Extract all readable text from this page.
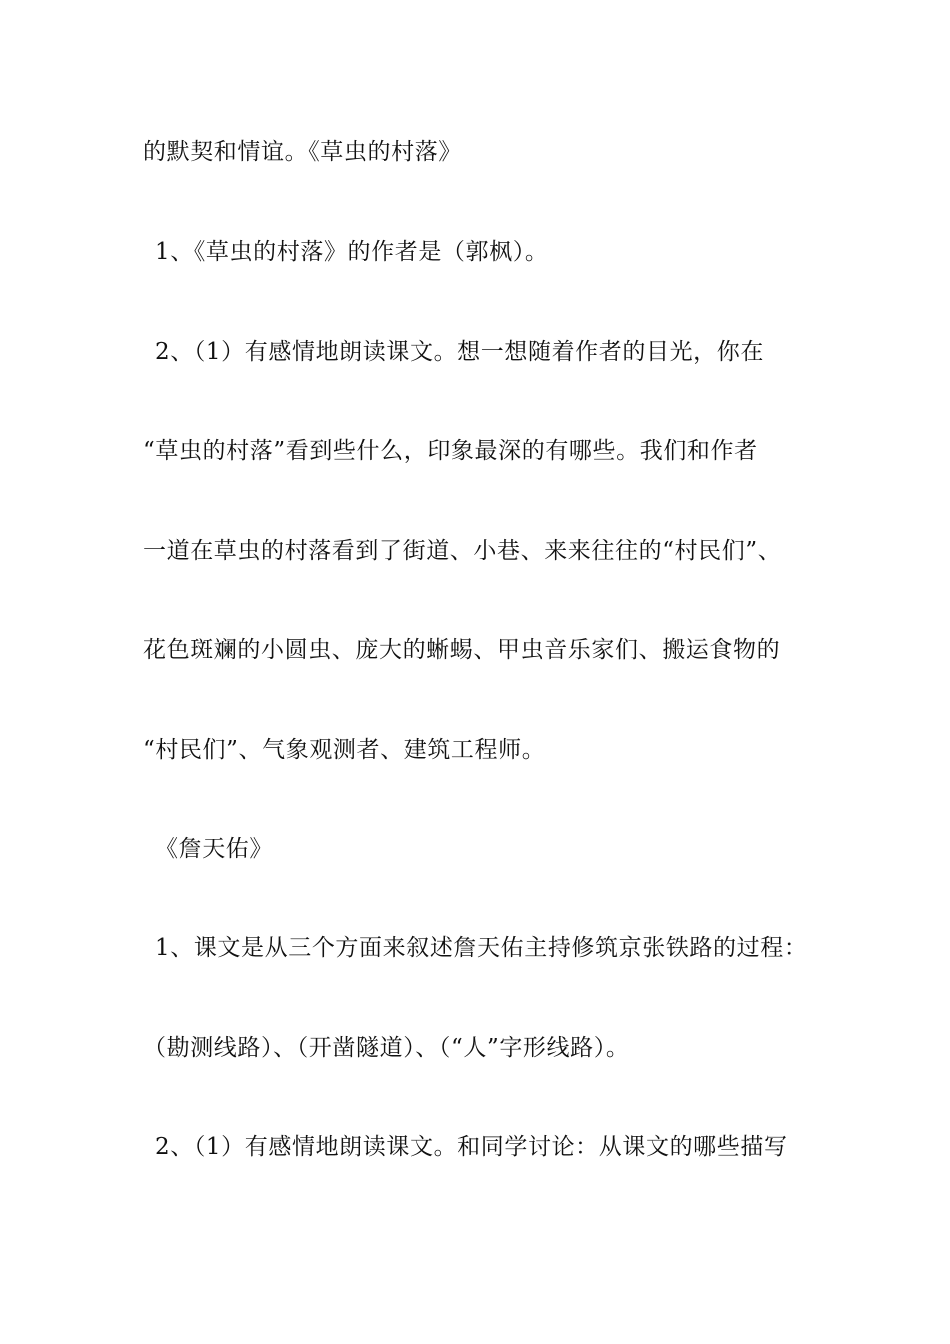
的默契和情谊。《草虫的村落》
1、《草虫的村落》的作者是（郭枫）。
2、（1）有感情地朗读课文。想一想随着作者的目光，你在
“草虫的村落”看到些什么，印象最深的有哪些。我们和作者
一道在草虫的村落看到了街道、小巷、来来往往的“村民们”、
花色斑斓的小圆虫、庞大的蜥蜴、甲虫音乐家们、搬运食物的
“村民们”、气象观测者、建筑工程师。
《詹天佑》
1、课文是从三个方面来叙述詹天佑主持修筑京张铁路的过程：
（勘测线路）、（开凿隧道）、（“人”字形线路）。
2、（1）有感情地朗读课文。和同学讨论：从课文的哪些描写
